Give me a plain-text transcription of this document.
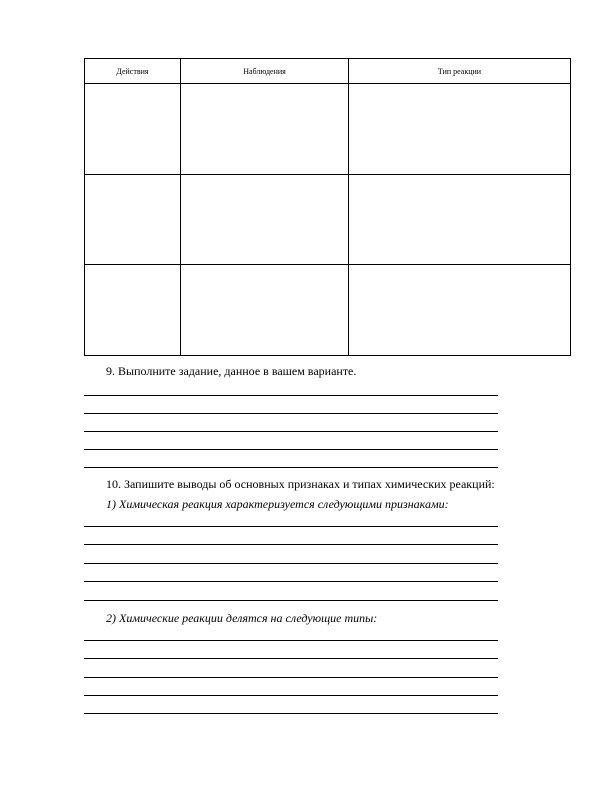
Действия	Наблюдения	Тип реакции

9. Выполните задание, данное в вашем варианте.
10. Запишите выводы об основных признаках и типах химических реакций:
1) Химическая реакция характеризуется следующими признаками:
2) Химические реакции делятся на следующие типы:
